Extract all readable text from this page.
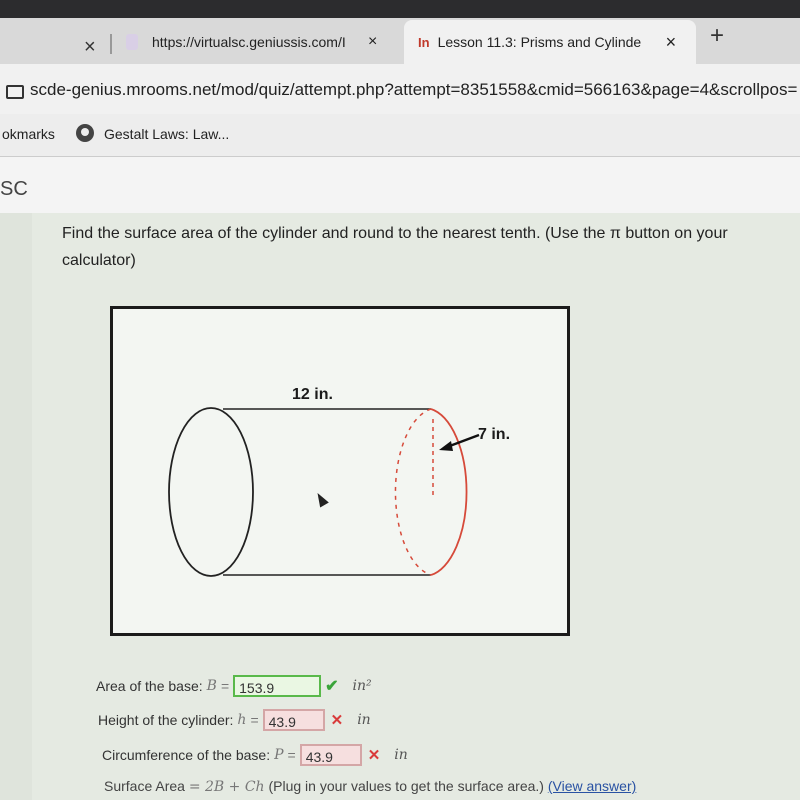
×	https://virtualsc.geniussis.com/I	×	In Lesson 11.3: Prisms and Cylinde	× +
scde-genius.mrooms.net/mod/quiz/attempt.php?attempt=8351558&cmid=566163&page=4&scrollpos=
okmarks	Gestalt Laws: Law...
SC
Find the surface area of the cylinder and round to the nearest tenth. (Use the π button on your calculator)
12 in.
7 in.
Area of the base: B = 153.9	✔ in²
Height of the cylinder: h = 43.9	✕ in
Circumference of the base: P = 43.9	✕ in
Surface Area = 2B + Ch (Plug in your values to get the surface area.) (View answer)
